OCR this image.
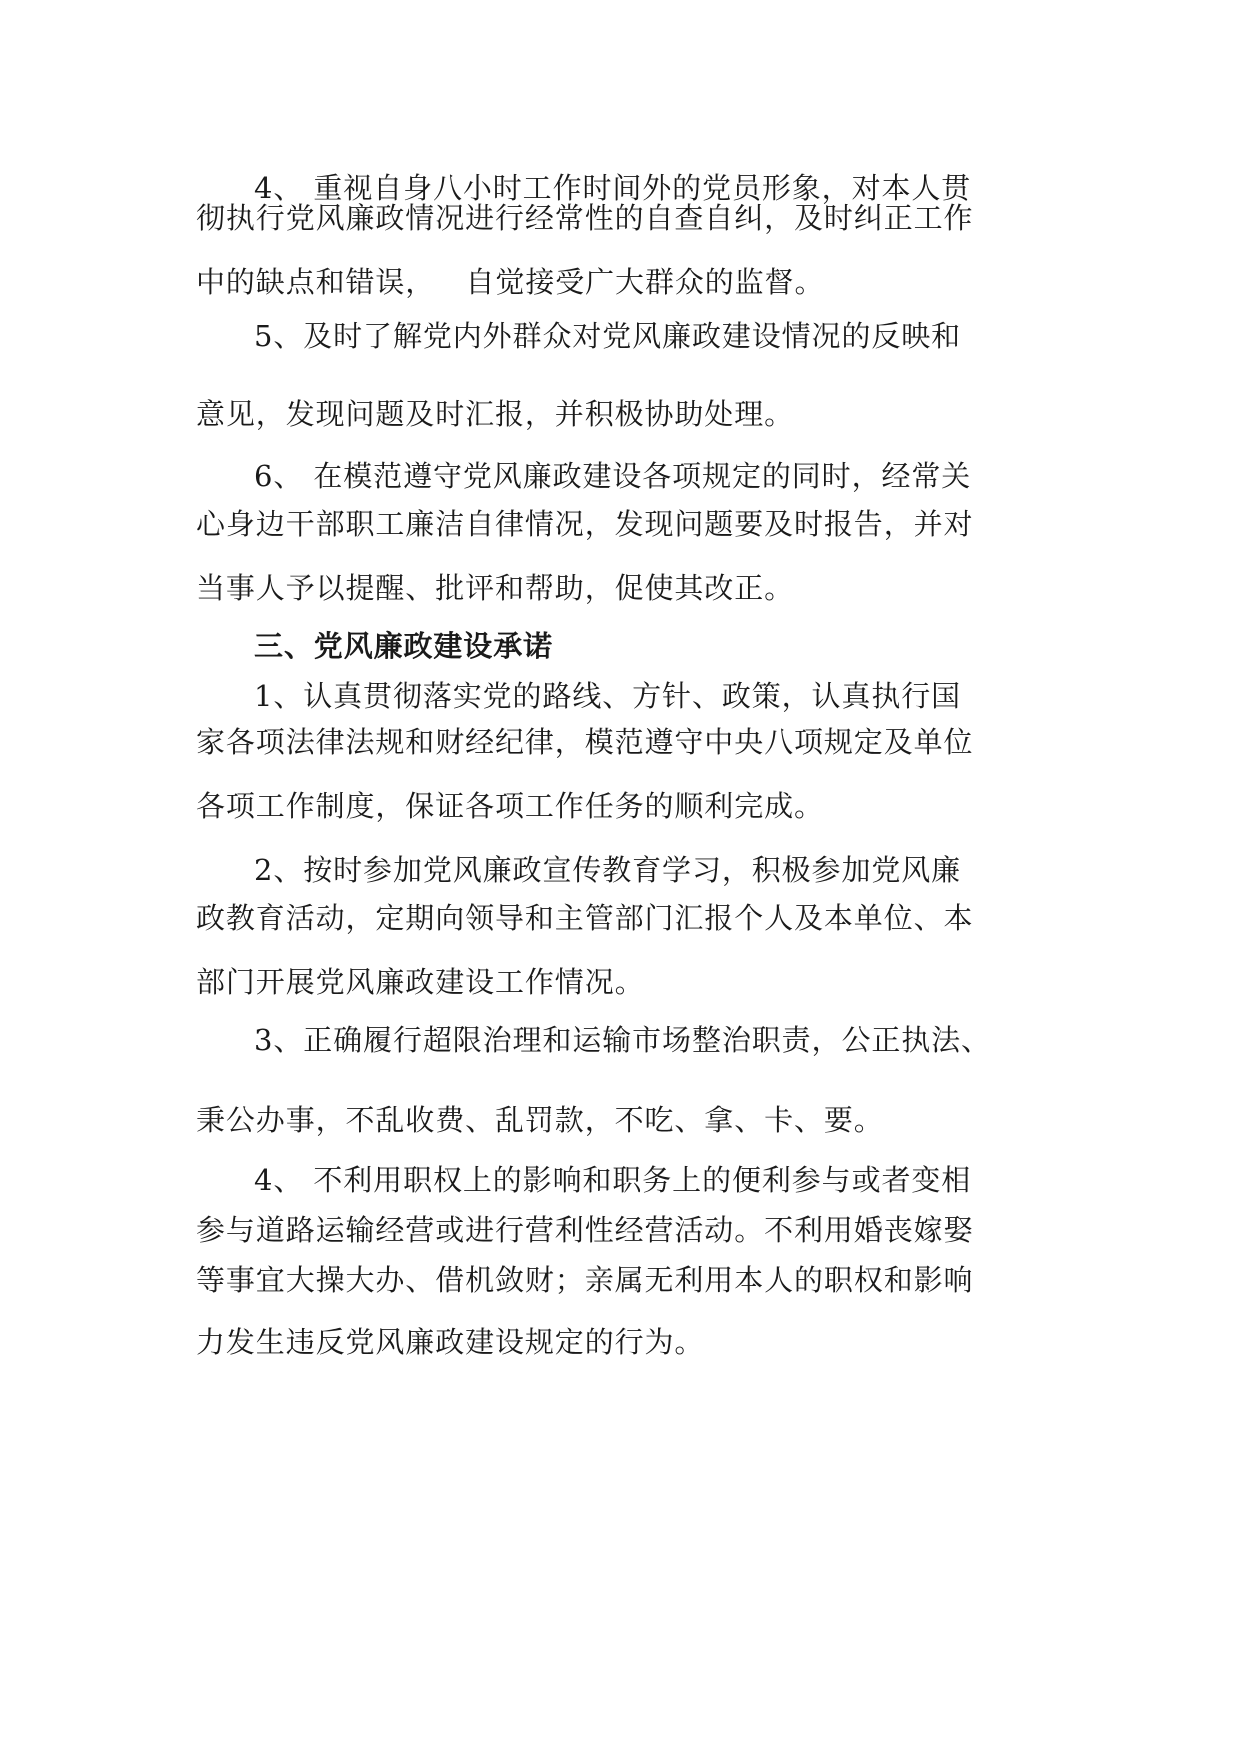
4、 重视自身八小时工作时间外的党员形象，对本人贯
彻执行党风廉政情况进行经常性的自查自纠，及时纠正工作
中的缺点和错误，   自觉接受广大群众的监督。
5、及时了解党内外群众对党风廉政建设情况的反映和
意见，发现问题及时汇报，并积极协助处理。
6、 在模范遵守党风廉政建设各项规定的同时，经常关
心身边干部职工廉洁自律情况，发现问题要及时报告，并对
当事人予以提醒、批评和帮助，促使其改正。
三、党风廉政建设承诺
1、认真贯彻落实党的路线、方针、政策，认真执行国
家各项法律法规和财经纪律，模范遵守中央八项规定及单位
各项工作制度，保证各项工作任务的顺利完成。
2、按时参加党风廉政宣传教育学习，积极参加党风廉
政教育活动，定期向领导和主管部门汇报个人及本单位、本
部门开展党风廉政建设工作情况。
3、正确履行超限治理和运输市场整治职责，公正执法、
秉公办事，不乱收费、乱罚款，不吃、拿、卡、要。
4、 不利用职权上的影响和职务上的便利参与或者变相
参与道路运输经营或进行营利性经营活动。不利用婚丧嫁娶
等事宜大操大办、借机敛财；亲属无利用本人的职权和影响
力发生违反党风廉政建设规定的行为。
